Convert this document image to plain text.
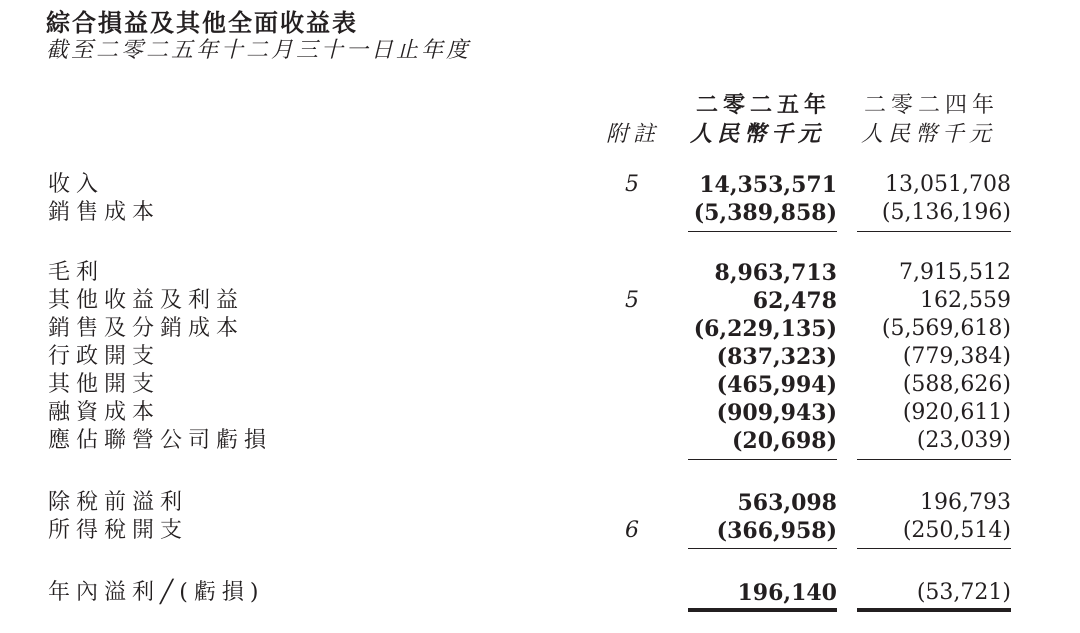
綜合損益及其他全面收益表
截至二零二五年十二月三十一日止年度
二零二五年 二零二四年
附註 人民幣千元 人民幣千元
收入	5	14,353,571 13,051,708
銷售成本	(5,389,858) (5,136,196)
毛利	8,963,713	7,915,512
其他收益及利益	5	62,478	162,559
銷售及分銷成本	(6,229,135) (5,569,618)
行政開支	(837,323)	(779,384)
其他開支	(465,994)	(588,626)
融資成本	(909,943)	(920,611)
應佔聯營公司虧損	(20,698)	(23,039)
除稅前溢利	563,098	196,793
所得稅開支	6	(366,958)	(250,514)
年內溢利╱(虧損)	196,140	(53,721)
